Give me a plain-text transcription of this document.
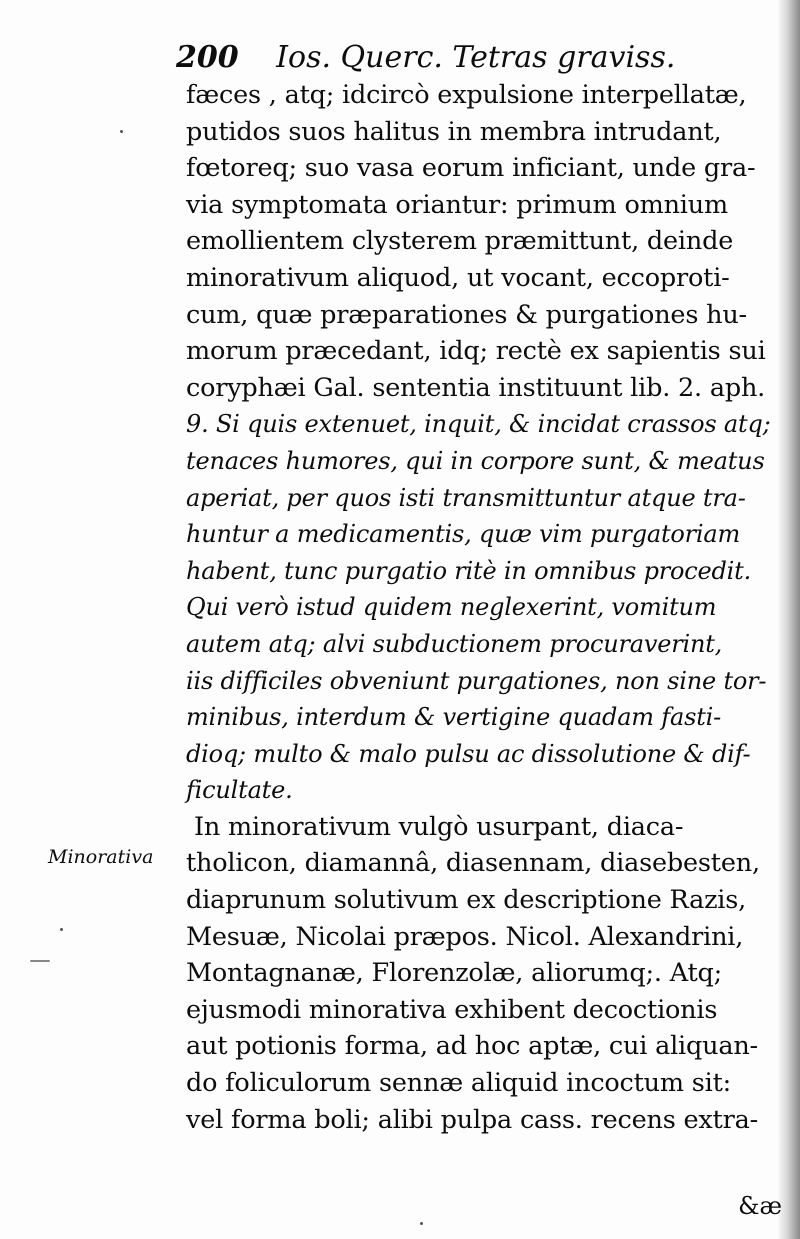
200 Ios. Querc. Tetras graviss.
Minorativa
fæces , atq; idcircò expulsione interpellatæ,
putidos suos halitus in membra intrudant,
fœtoreq; suo vasa eorum inficiant, unde gra-
via symptomata oriantur: primum omnium
emollientem clysterem præmittunt, deinde
minorativum aliquod, ut vocant, eccoproti-
cum, quæ præparationes & purgationes hu-
morum præcedant, idq; rectè ex sapientis sui
coryphæi Gal. sententia instituunt lib. 2. aph.
9. Si quis extenuet, inquit, & incidat crassos atq;
tenaces humores, qui in corpore sunt, & meatus
aperiat, per quos isti transmittuntur atque tra-
huntur a medicamentis, quæ vim purgatoriam
habent, tunc purgatio ritè in omnibus procedit.
Qui verò istud quidem neglexerint, vomitum
autem atq; alvi subductionem procuraverint,
iis difficiles obveniunt purgationes, non sine tor-
minibus, interdum & vertigine quadam fasti-
dioq; multo & malo pulsu ac dissolutione & dif-
ficultate.
In minorativum vulgò usurpant, diaca-
tholicon, diamannâ, diasennam, diasebesten,
diaprunum solutivum ex descriptione Razis,
Mesuæ, Nicolai præpos. Nicol. Alexandrini,
Montagnanæ, Florenzolæ, aliorumq;. Atq;
ejusmodi minorativa exhibent decoctionis
aut potionis forma, ad hoc aptæ, cui aliquan-
do foliculorum sennæ aliquid incoctum sit:
vel forma boli; alibi pulpa cass. recens extra-
&æ
